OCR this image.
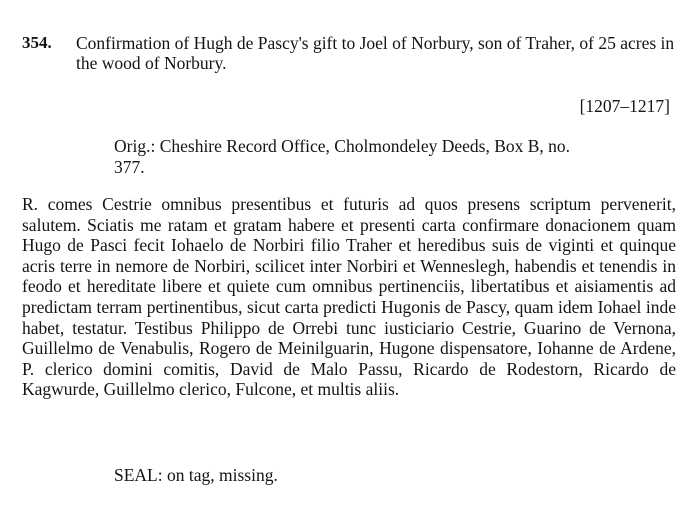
354. Confirmation of Hugh de Pascy's gift to Joel of Norbury, son of Traher, of 25 acres in the wood of Norbury.
[1207–1217]
Orig.: Cheshire Record Office, Cholmondeley Deeds, Box B, no. 377.
R. comes Cestrie omnibus presentibus et futuris ad quos presens scriptum pervenerit, salutem. Sciatis me ratam et gratam habere et presenti carta confirmare donacionem quam Hugo de Pasci fecit Iohaelo de Norbiri filio Traher et heredibus suis de viginti et quinque acris terre in nemore de Norbiri, scilicet inter Norbiri et Wenneslegh, habendis et tenendis in feodo et hereditate libere et quiete cum omnibus pertinenciis, libertatibus et aisiamentis ad predictam terram pertinentibus, sicut carta predicti Hugonis de Pascy, quam idem Iohael inde habet, testatur. Testibus Philippo de Orrebi tunc iusticiario Cestrie, Guarino de Vernona, Guillelmo de Venabulis, Rogero de Meinilguarin, Hugone dispensatore, Iohanne de Ardene, P. clerico domini comitis, David de Malo Passu, Ricardo de Rodestorn, Ricardo de Kagwurde, Guillelmo clerico, Fulcone, et multis aliis.
SEAL: on tag, missing.
